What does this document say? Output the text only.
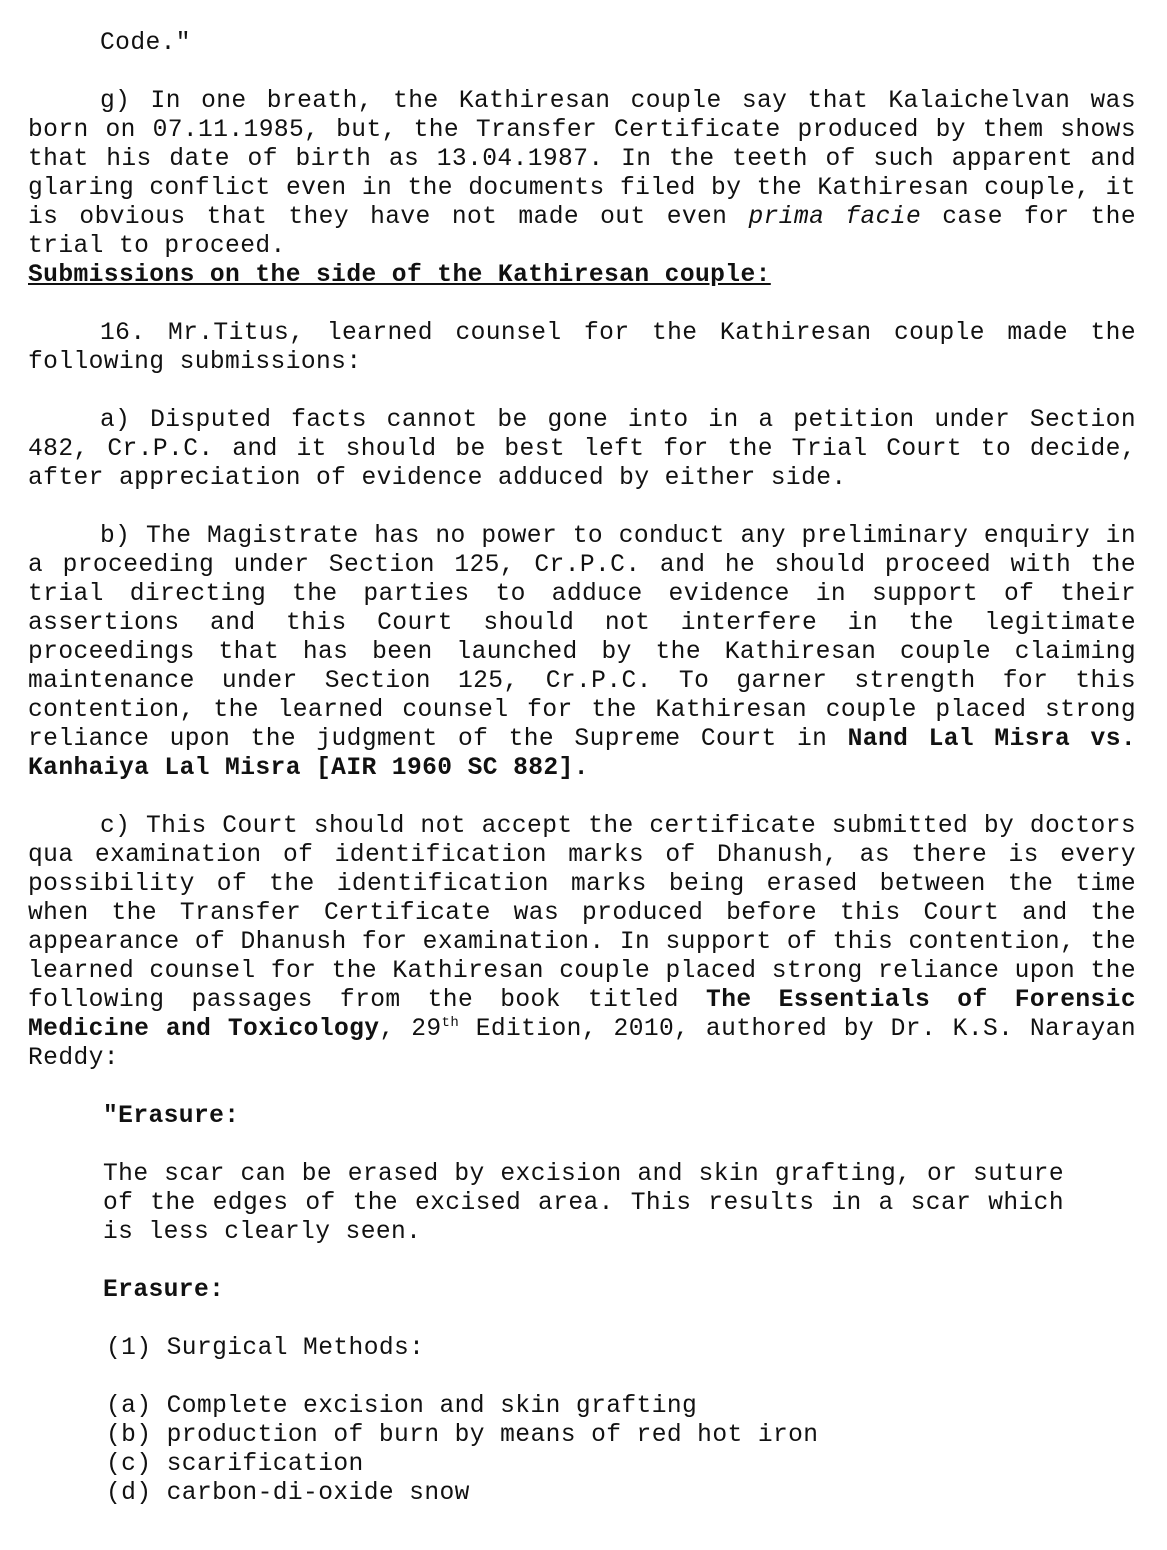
Code."

g) In one breath, the Kathiresan couple say that Kalaichelvan was born on 07.11.1985, but, the Transfer Certificate produced by them shows that his date of birth as 13.04.1987. In the teeth of such apparent and glaring conflict even in the documents filed by the Kathiresan couple, it is obvious that they have not made out even prima facie case for the trial to proceed.

Submissions on the side of the Kathiresan couple:

16. Mr.Titus, learned counsel for the Kathiresan couple made the following submissions:

a) Disputed facts cannot be gone into in a petition under Section 482, Cr.P.C. and it should be best left for the Trial Court to decide, after appreciation of evidence adduced by either side.

b) The Magistrate has no power to conduct any preliminary enquiry in a proceeding under Section 125, Cr.P.C. and he should proceed with the trial directing the parties to adduce evidence in support of their assertions and this Court should not interfere in the legitimate proceedings that has been launched by the Kathiresan couple claiming maintenance under Section 125, Cr.P.C. To garner strength for this contention, the learned counsel for the Kathiresan couple placed strong reliance upon the judgment of the Supreme Court in Nand Lal Misra vs. Kanhaiya Lal Misra [AIR 1960 SC 882].

c) This Court should not accept the certificate submitted by doctors qua examination of identification marks of Dhanush, as there is every possibility of the identification marks being erased between the time when the Transfer Certificate was produced before this Court and the appearance of Dhanush for examination. In support of this contention, the learned counsel for the Kathiresan couple placed strong reliance upon the following passages from the book titled The Essentials of Forensic Medicine and Toxicology, 29th Edition, 2010, authored by Dr. K.S. Narayan Reddy:

"Erasure:

The scar can be erased by excision and skin grafting, or suture of the edges of the excised area. This results in a scar which is less clearly seen.

Erasure:

(1) Surgical Methods:

(a) Complete excision and skin grafting

(b) production of burn by means of red hot iron

(c) scarification

(d) carbon-di-oxide snow
